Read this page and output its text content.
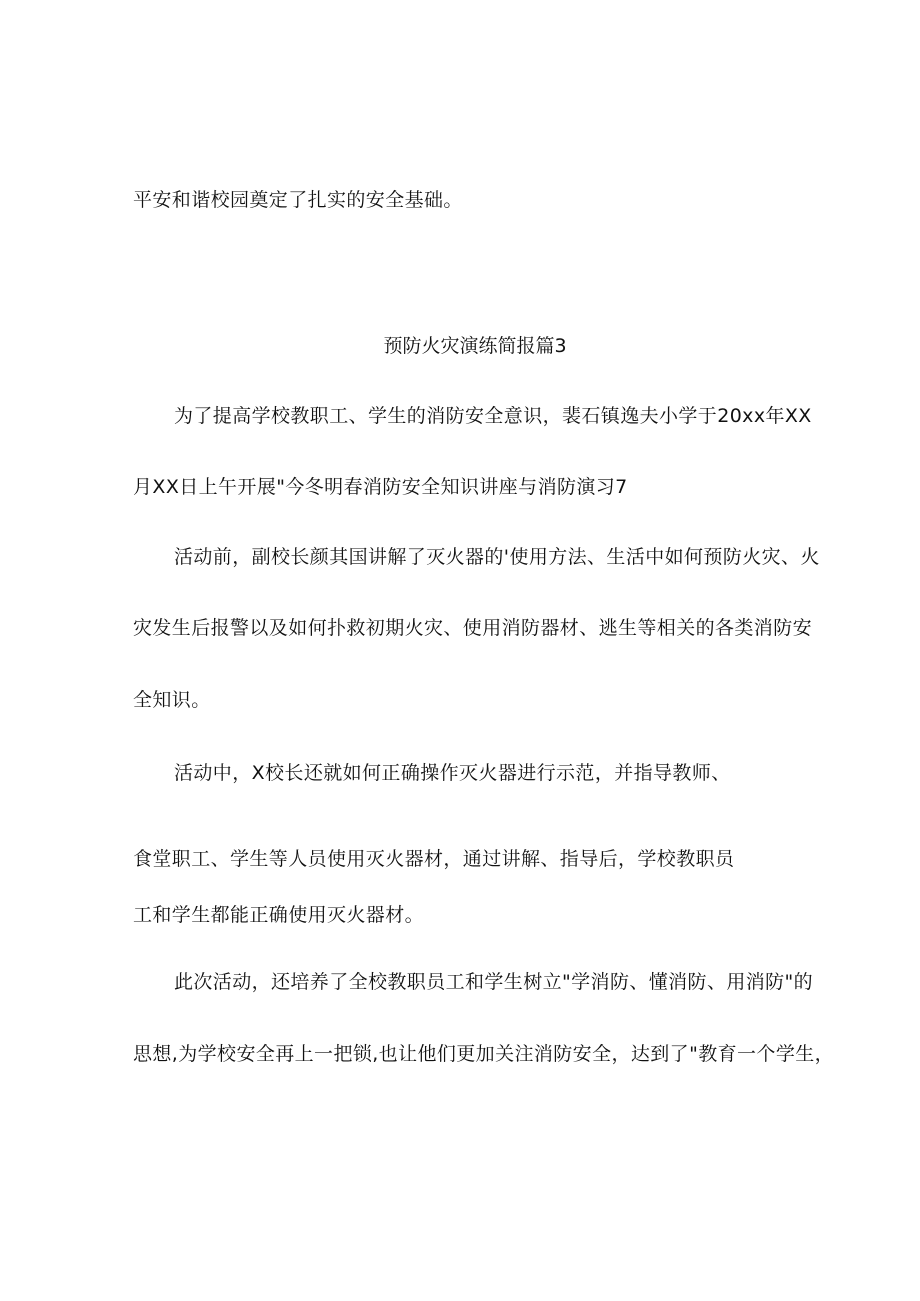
平安和谐校园奠定了扎实的安全基础。
预防火灾演练简报篇3
为了提高学校教职工、学生的消防安全意识，裴石镇逸夫小学于20xx年XX
月XX日上午开展"今冬明春消防安全知识讲座与消防演习7
活动前，副校长颜其国讲解了灭火器的'使用方法、生活中如何预防火灾、火
灾发生后报警以及如何扑救初期火灾、使用消防器材、逃生等相关的各类消防安
全知识。
活动中，X校长还就如何正确操作灭火器进行示范，并指导教师、
食堂职工、学生等人员使用灭火器材，通过讲解、指导后，学校教职员
工和学生都能正确使用灭火器材。
此次活动，还培养了全校教职员工和学生树立"学消防、懂消防、用消防"的
思想,为学校安全再上一把锁,也让他们更加关注消防安全，达到了"教育一个学生，
